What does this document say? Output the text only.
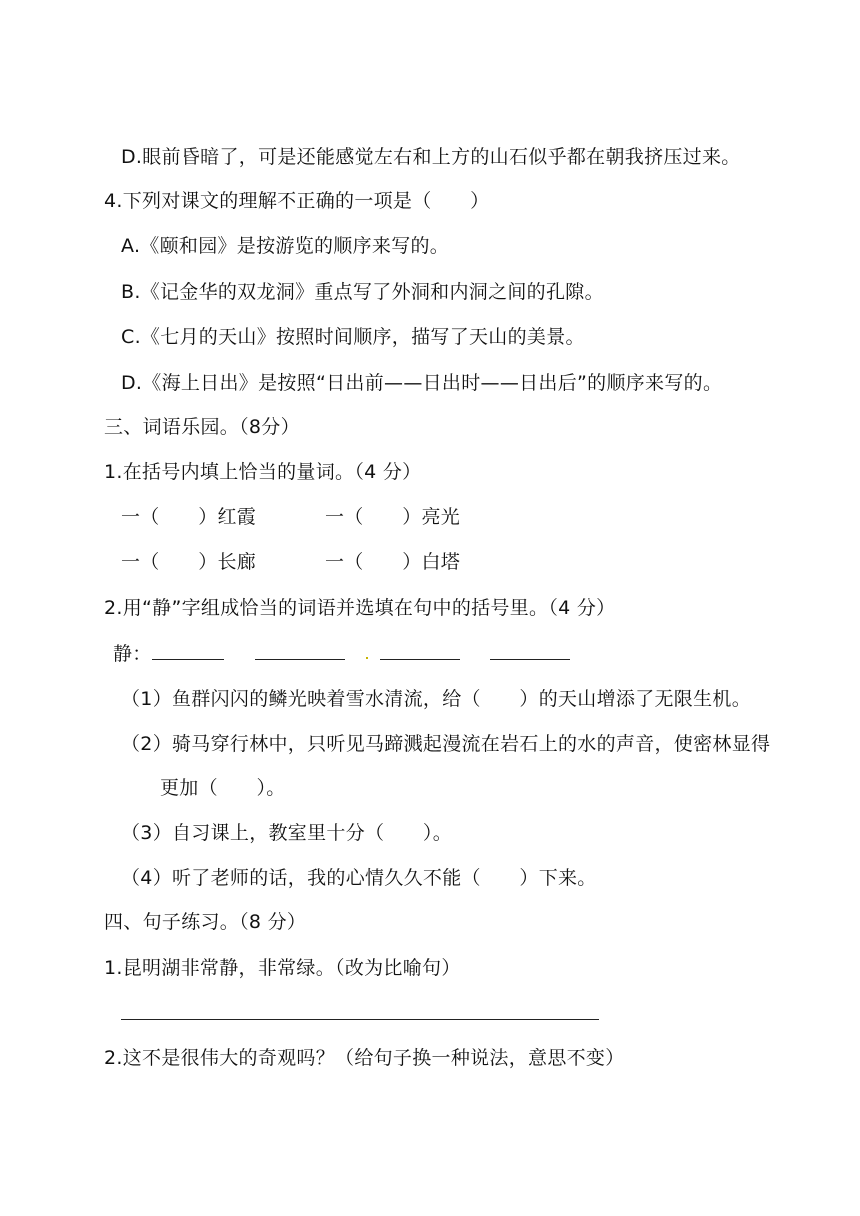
D.眼前昏暗了，可是还能感觉左右和上方的山石似乎都在朝我挤压过来。
4.下列对课文的理解不正确的一项是（　　）
A.《颐和园》是按游览的顺序来写的。
B.《记金华的双龙洞》重点写了外洞和内洞之间的孔隙。
C.《七月的天山》按照时间顺序，描写了天山的美景。
D.《海上日出》是按照“日出前——日出时——日出后”的顺序来写的。
三、词语乐园。（8分）
1.在括号内填上恰当的量词。（4 分）
一（　　）红霞	一（　　）亮光
一（　　）长廊	一（　　）白塔
2.用“静”字组成恰当的词语并选填在句中的括号里。（4 分）
静：
（1）鱼群闪闪的鳞光映着雪水清流，给（　　）的天山增添了无限生机。
（2）骑马穿行林中，只听见马蹄溅起漫流在岩石上的水的声音，使密林显得
更加（　　）。
（3）自习课上，教室里十分（　　）。
（4）听了老师的话，我的心情久久不能（　　）下来。
四、句子练习。（8 分）
1.昆明湖非常静，非常绿。（改为比喻句）
2.这不是很伟大的奇观吗？（给句子换一种说法，意思不变）
